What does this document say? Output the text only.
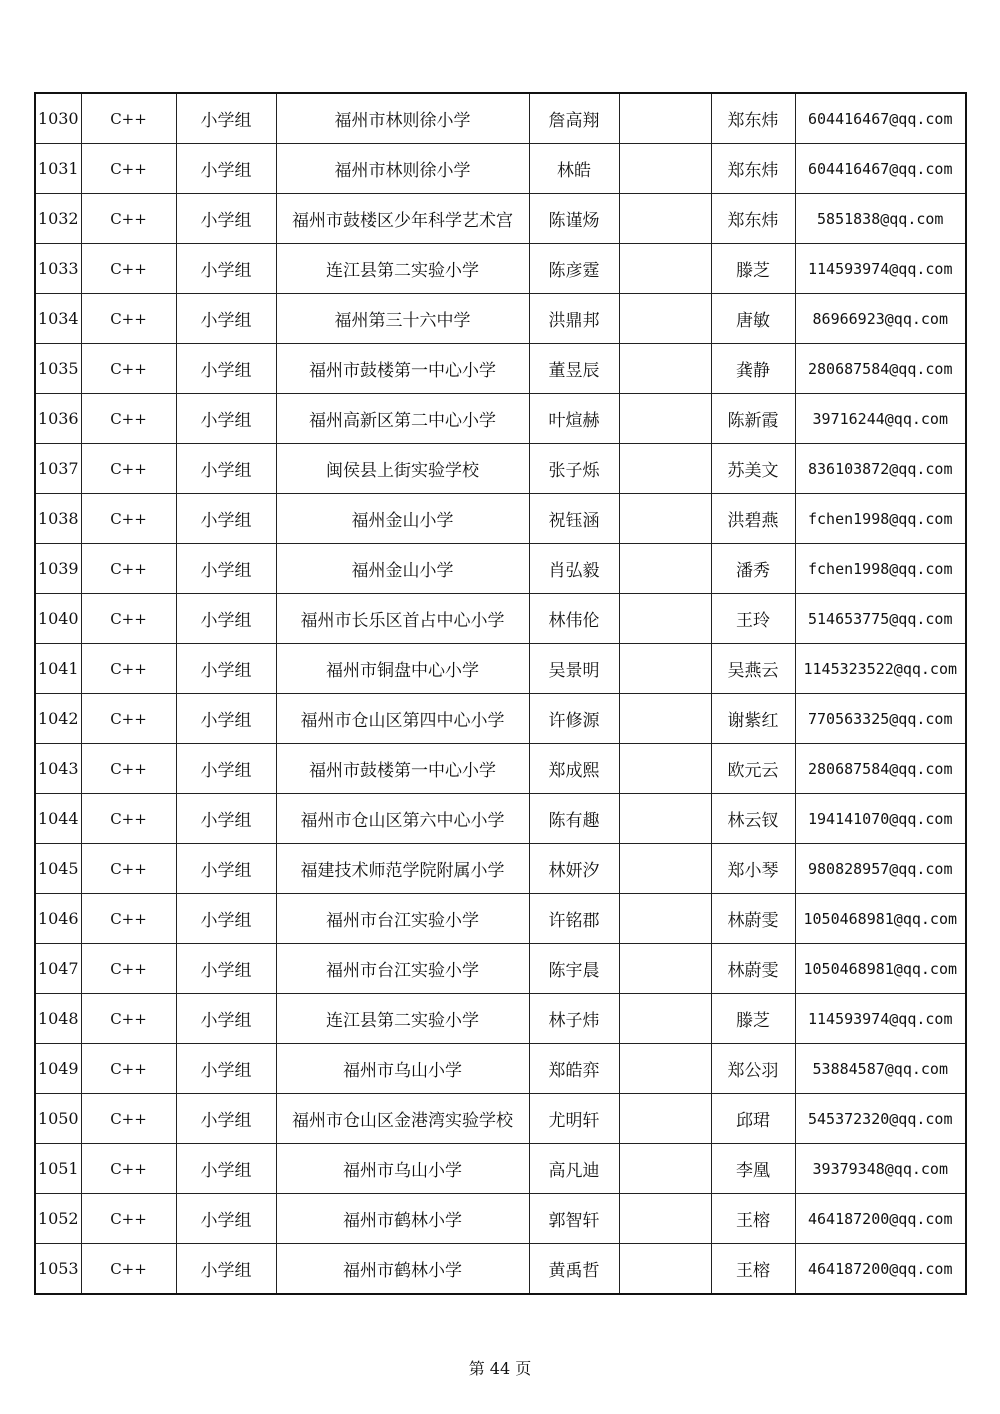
1030	C++	小学组	福州市林则徐小学	詹高翔		郑东炜	604416467@qq.com
1031	C++	小学组	福州市林则徐小学	林皓		郑东炜	604416467@qq.com
1032	C++	小学组	福州市鼓楼区少年科学艺术宫	陈谨炀		郑东炜	5851838@qq.com
1033	C++	小学组	连江县第二实验小学	陈彦霆		滕芝	114593974@qq.com
1034	C++	小学组	福州第三十六中学	洪鼎邦		唐敏	86966923@qq.com
1035	C++	小学组	福州市鼓楼第一中心小学	董昱辰		龚静	280687584@qq.com
1036	C++	小学组	福州高新区第二中心小学	叶煊赫		陈新霞	39716244@qq.com
1037	C++	小学组	闽侯县上街实验学校	张子烁		苏美文	836103872@qq.com
1038	C++	小学组	福州金山小学	祝钰涵		洪碧燕	fchen1998@qq.com
1039	C++	小学组	福州金山小学	肖弘毅		潘秀	fchen1998@qq.com
1040	C++	小学组	福州市长乐区首占中心小学	林伟伦		王玲	514653775@qq.com
1041	C++	小学组	福州市铜盘中心小学	吴景明		吴燕云	1145323522@qq.com
1042	C++	小学组	福州市仓山区第四中心小学	许修源		谢紫红	770563325@qq.com
1043	C++	小学组	福州市鼓楼第一中心小学	郑成熙		欧元云	280687584@qq.com
1044	C++	小学组	福州市仓山区第六中心小学	陈有趣		林云钗	194141070@qq.com
1045	C++	小学组	福建技术师范学院附属小学	林妍汐		郑小琴	980828957@qq.com
1046	C++	小学组	福州市台江实验小学	许铭郡		林蔚雯	1050468981@qq.com
1047	C++	小学组	福州市台江实验小学	陈宇晨		林蔚雯	1050468981@qq.com
1048	C++	小学组	连江县第二实验小学	林子炜		滕芝	114593974@qq.com
1049	C++	小学组	福州市乌山小学	郑皓弈		郑公羽	53884587@qq.com
1050	C++	小学组	福州市仓山区金港湾实验学校	尤明轩		邱珺	545372320@qq.com
1051	C++	小学组	福州市乌山小学	高凡迪		李凰	39379348@qq.com
1052	C++	小学组	福州市鹤林小学	郭智轩		王榕	464187200@qq.com
1053	C++	小学组	福州市鹤林小学	黄禹哲		王榕	464187200@qq.com
第 44 页
